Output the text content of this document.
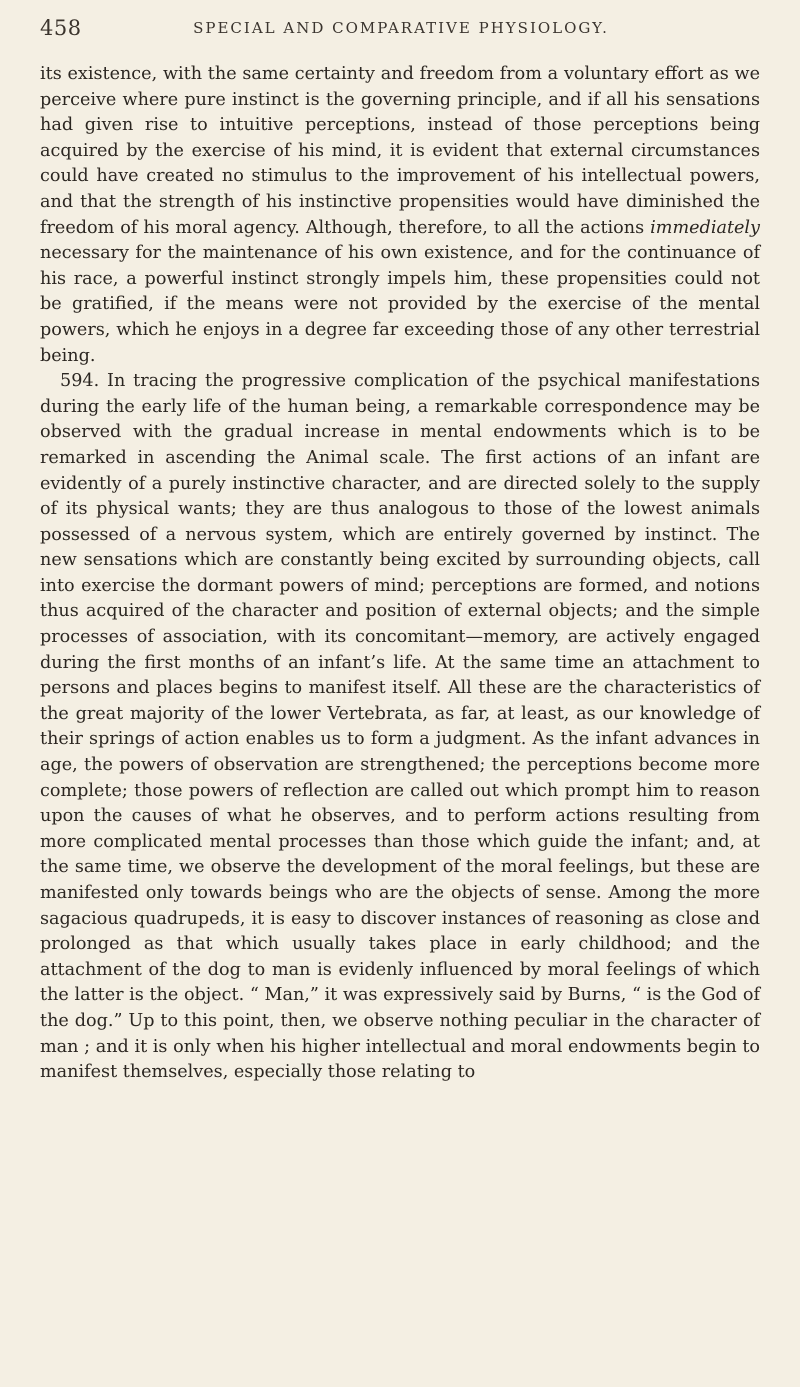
458	SPECIAL AND COMPARATIVE PHYSIOLOGY.

its existence, with the same certainty and freedom from a voluntary effort as we perceive where pure instinct is the governing principle, and if all his sensations had given rise to intuitive perceptions, instead of those perceptions being acquired by the exercise of his mind, it is evident that external circumstances could have created no stimulus to the improvement of his intellectual powers, and that the strength of his instinctive propensities would have diminished the freedom of his moral agency. Although, therefore, to all the actions immediately necessary for the maintenance of his own existence, and for the continuance of his race, a powerful instinct strongly impels him, these propensities could not be gratified, if the means were not provided by the exercise of the mental powers, which he enjoys in a degree far exceeding those of any other terrestrial being.

594. In tracing the progressive complication of the psychical manifestations during the early life of the human being, a remarkable correspondence may be observed with the gradual increase in mental endowments which is to be remarked in ascending the Animal scale. The first actions of an infant are evidently of a purely instinctive character, and are directed solely to the supply of its physical wants; they are thus analogous to those of the lowest animals possessed of a nervous system, which are entirely governed by instinct. The new sensations which are constantly being excited by surrounding objects, call into exercise the dormant powers of mind; perceptions are formed, and notions thus acquired of the character and position of external objects; and the simple processes of association, with its concomitant—memory, are actively engaged during the first months of an infant’s life. At the same time an attachment to persons and places begins to manifest itself. All these are the characteristics of the great majority of the lower Vertebrata, as far, at least, as our knowledge of their springs of action enables us to form a judgment. As the infant advances in age, the powers of observation are strengthened; the perceptions become more complete; those powers of reflection are called out which prompt him to reason upon the causes of what he observes, and to perform actions resulting from more complicated mental processes than those which guide the infant; and, at the same time, we observe the development of the moral feelings, but these are manifested only towards beings who are the objects of sense. Among the more sagacious quadrupeds, it is easy to discover instances of reasoning as close and prolonged as that which usually takes place in early childhood; and the attachment of the dog to man is evidenly influenced by moral feelings of which the latter is the object. “ Man,” it was expressively said by Burns, “ is the God of the dog.” Up to this point, then, we observe nothing peculiar in the character of man ; and it is only when his higher intellectual and moral endowments begin to manifest themselves, especially those relating to
